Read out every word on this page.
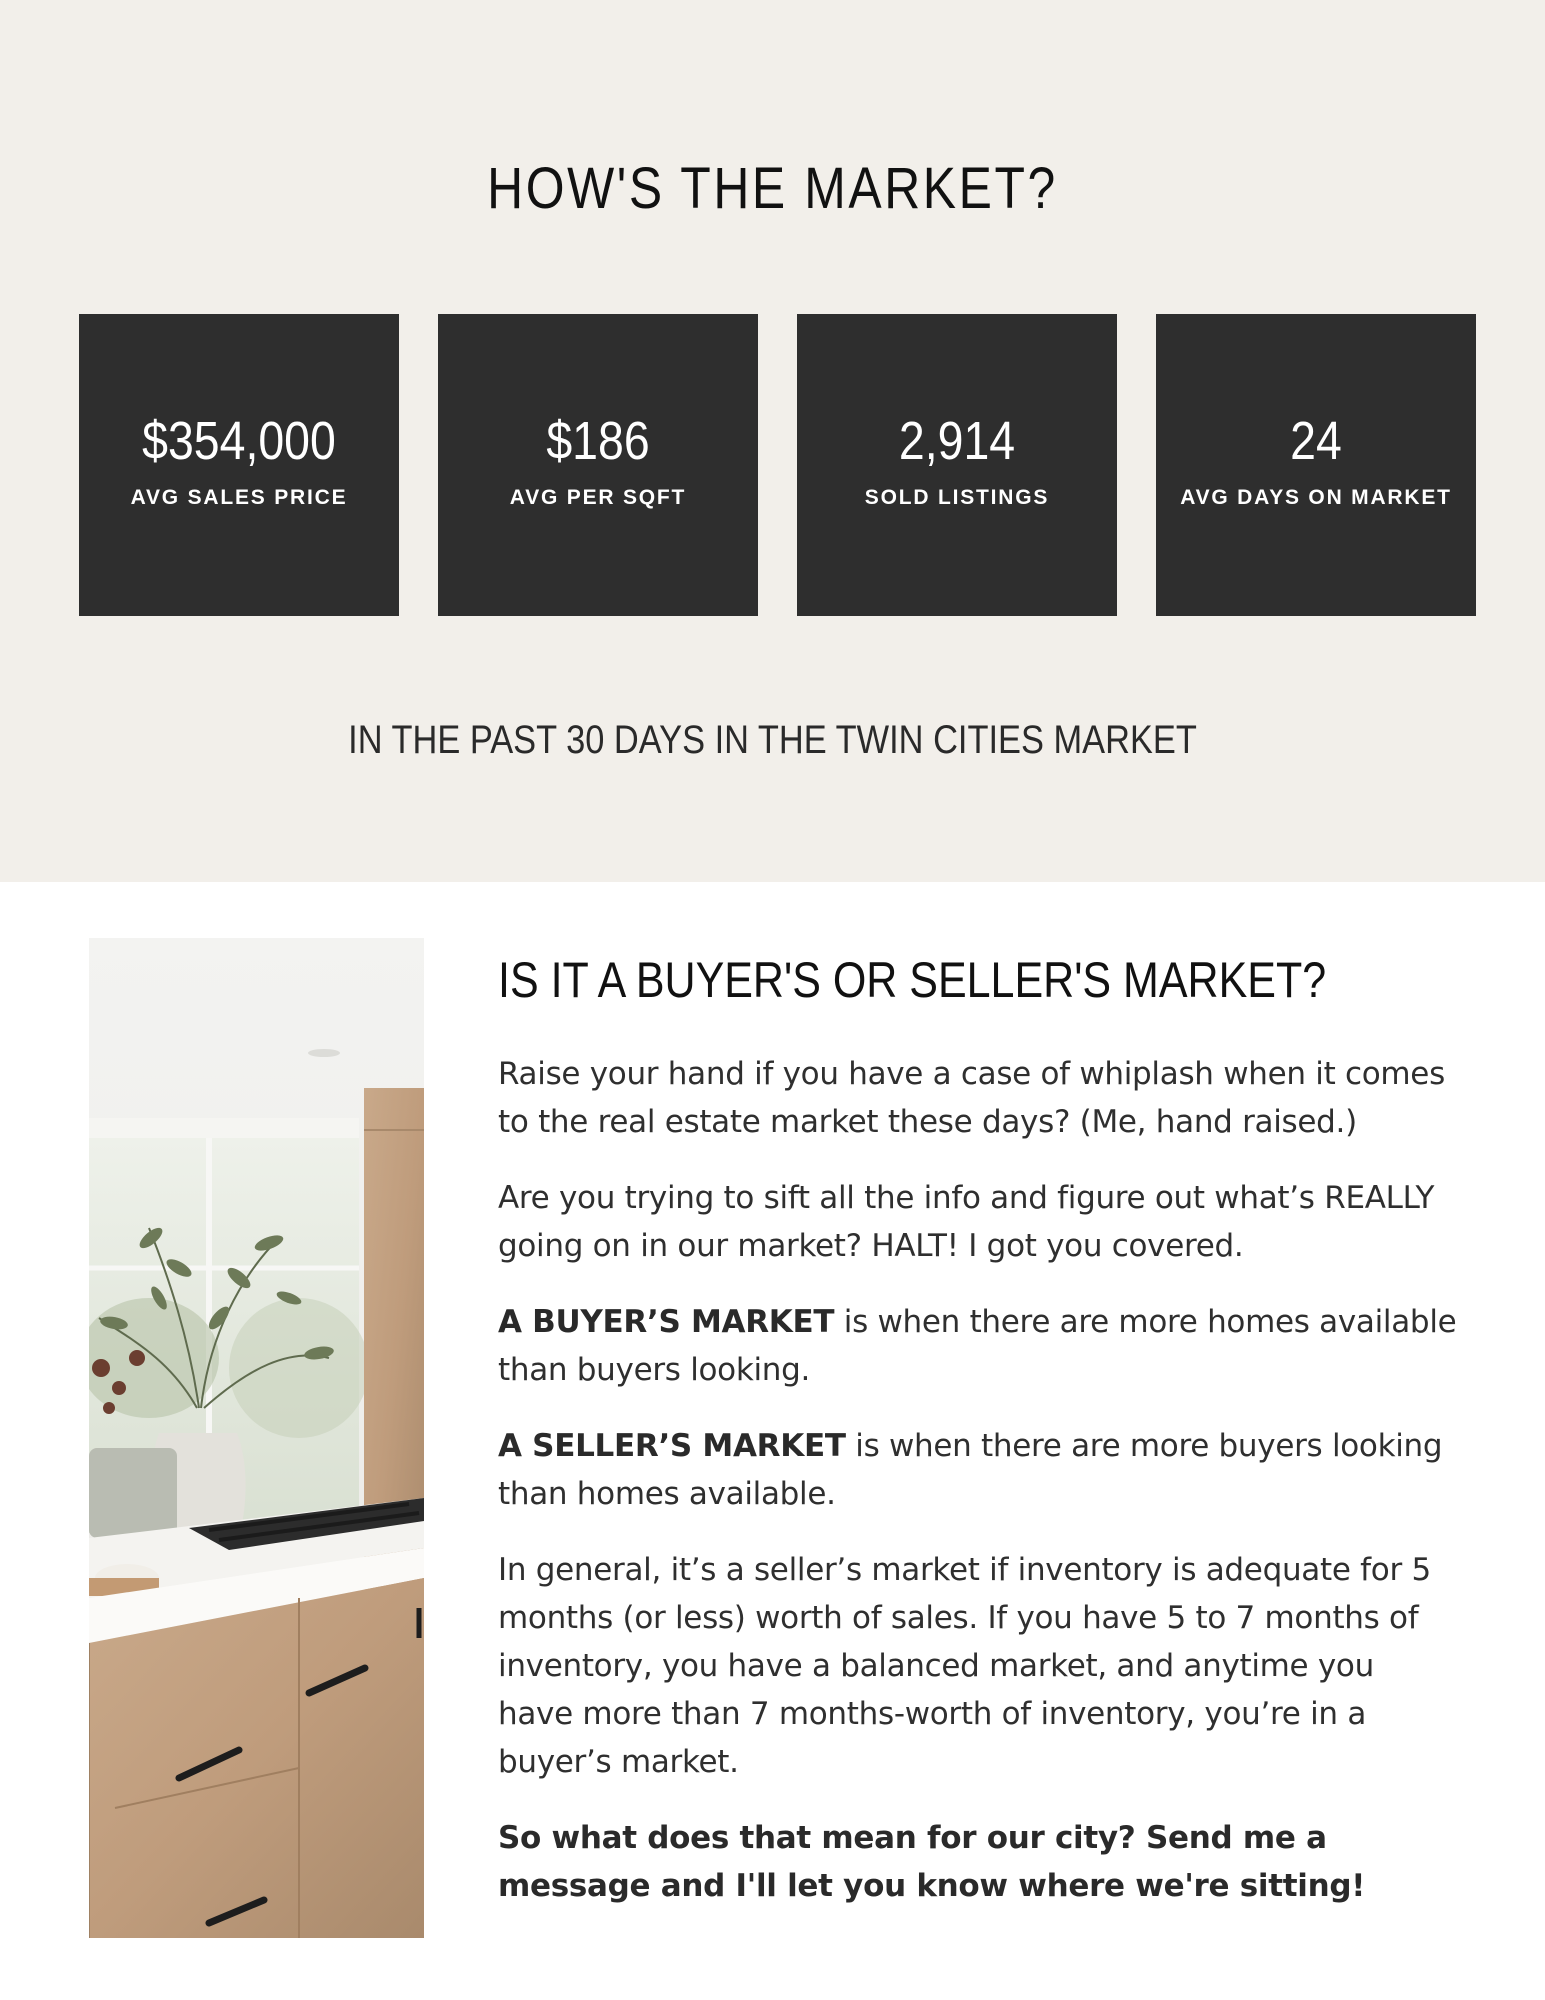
HOW'S THE MARKET?
$354,000
AVG SALES PRICE
$186
AVG PER SQFT
2,914
SOLD LISTINGS
24
AVG DAYS ON MARKET
IN THE PAST 30 DAYS IN THE TWIN CITIES MARKET
IS IT A BUYER'S OR SELLER'S MARKET?

Raise your hand if you have a case of whiplash when it comes to the real estate market these days? (Me, hand raised.)

Are you trying to sift all the info and figure out what’s REALLY going on in our market? HALT! I got you covered.

A BUYER’S MARKET is when there are more homes available than buyers looking.

A SELLER’S MARKET is when there are more buyers looking than homes available.

In general, it’s a seller’s market if inventory is adequate for 5 months (or less) worth of sales. If you have 5 to 7 months of inventory, you have a balanced market, and anytime you have more than 7 months-worth of inventory, you’re in a buyer’s market.

So what does that mean for our city? Send me a message and I'll let you know where we're sitting!
